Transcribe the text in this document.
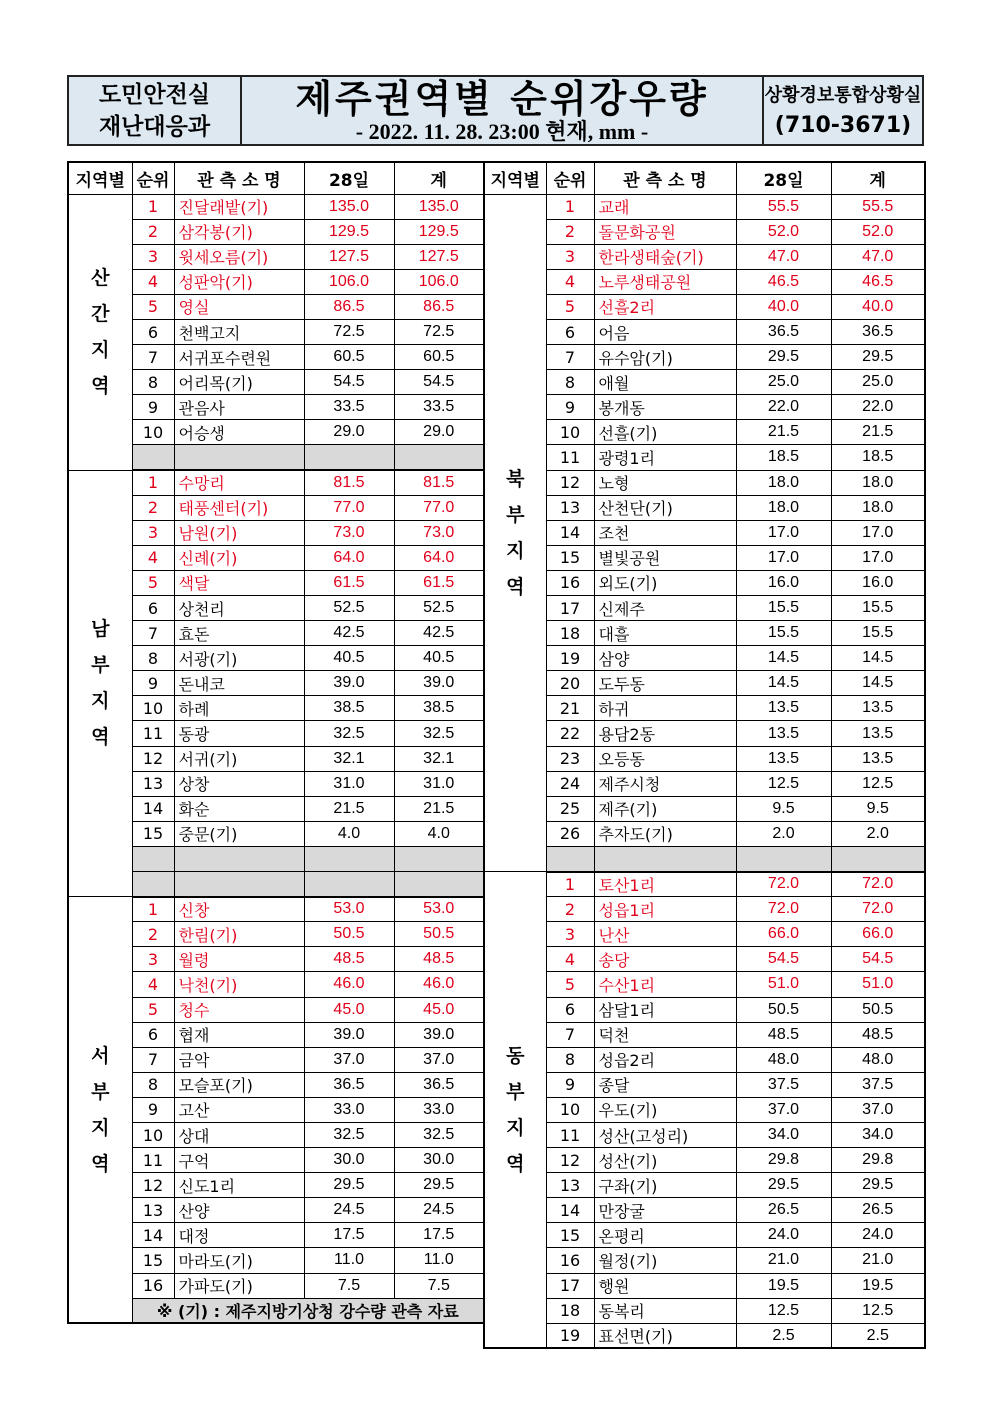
도민안전실
재난대응과
제주권역별 순위강우량
- 2022. 11. 28. 23:00 현재, mm -
상황경보통합상황실
(710-3671)
지역별	순위	관 측 소 명	28일	계

산
간
지
역	1	진달래밭(기)	135.0	135.0
	2	삼각봉(기)	129.5	129.5
	3	윗세오름(기)	127.5	127.5
	4	성판악(기)	106.0	106.0
	5	영실	86.5	86.5
	6	천백고지	72.5	72.5
	7	서귀포수련원	60.5	60.5
	8	어리목(기)	54.5	54.5
	9	관음사	33.5	33.5
	10	어승생	29.0	29.0

남
부
지
역	1	수망리	81.5	81.5
	2	태풍센터(기)	77.0	77.0
	3	남원(기)	73.0	73.0
	4	신례(기)	64.0	64.0
	5	색달	61.5	61.5
	6	상천리	52.5	52.5
	7	효돈	42.5	42.5
	8	서광(기)	40.5	40.5
	9	돈내코	39.0	39.0
	10	하례	38.5	38.5
	11	동광	32.5	32.5
	12	서귀(기)	32.1	32.1
	13	상창	31.0	31.0
	14	화순	21.5	21.5
	15	중문(기)	4.0	4.0

서
부
지
역	1	신창	53.0	53.0
	2	한림(기)	50.5	50.5
	3	월령	48.5	48.5
	4	낙천(기)	46.0	46.0
	5	청수	45.0	45.0
	6	협재	39.0	39.0
	7	금악	37.0	37.0
	8	모슬포(기)	36.5	36.5
	9	고산	33.0	33.0
	10	상대	32.5	32.5
	11	구억	30.0	30.0
	12	신도1리	29.5	29.5
	13	산양	24.5	24.5
	14	대정	17.5	17.5
	15	마라도(기)	11.0	11.0
	16	가파도(기)	7.5	7.5
	※ (기) : 제주지방기상청 강수량 관측 자료			

지역별	순위	관 측 소 명	28일	계

북
부
지
역	1	교래	55.5	55.5
	2	돌문화공원	52.0	52.0
	3	한라생태숲(기)	47.0	47.0
	4	노루생태공원	46.5	46.5
	5	선흘2리	40.0	40.0
	6	어음	36.5	36.5
	7	유수암(기)	29.5	29.5
	8	애월	25.0	25.0
	9	봉개동	22.0	22.0
	10	선흘(기)	21.5	21.5
	11	광령1리	18.5	18.5
	12	노형	18.0	18.0
	13	산천단(기)	18.0	18.0
	14	조천	17.0	17.0
	15	별빛공원	17.0	17.0
	16	외도(기)	16.0	16.0
	17	신제주	15.5	15.5
	18	대흘	15.5	15.5
	19	삼양	14.5	14.5
	20	도두동	14.5	14.5
	21	하귀	13.5	13.5
	22	용담2동	13.5	13.5
	23	오등동	13.5	13.5
	24	제주시청	12.5	12.5
	25	제주(기)	9.5	9.5
	26	추자도(기)	2.0	2.0

동
부
지
역	1	토산1리	72.0	72.0
	2	성읍1리	72.0	72.0
	3	난산	66.0	66.0
	4	송당	54.5	54.5
	5	수산1리	51.0	51.0
	6	삼달1리	50.5	50.5
	7	덕천	48.5	48.5
	8	성읍2리	48.0	48.0
	9	종달	37.5	37.5
	10	우도(기)	37.0	37.0
	11	성산(고성리)	34.0	34.0
	12	성산(기)	29.8	29.8
	13	구좌(기)	29.5	29.5
	14	만장굴	26.5	26.5
	15	온평리	24.0	24.0
	16	월정(기)	21.0	21.0
	17	행원	19.5	19.5
	18	동복리	12.5	12.5
	19	표선면(기)	2.5	2.5
